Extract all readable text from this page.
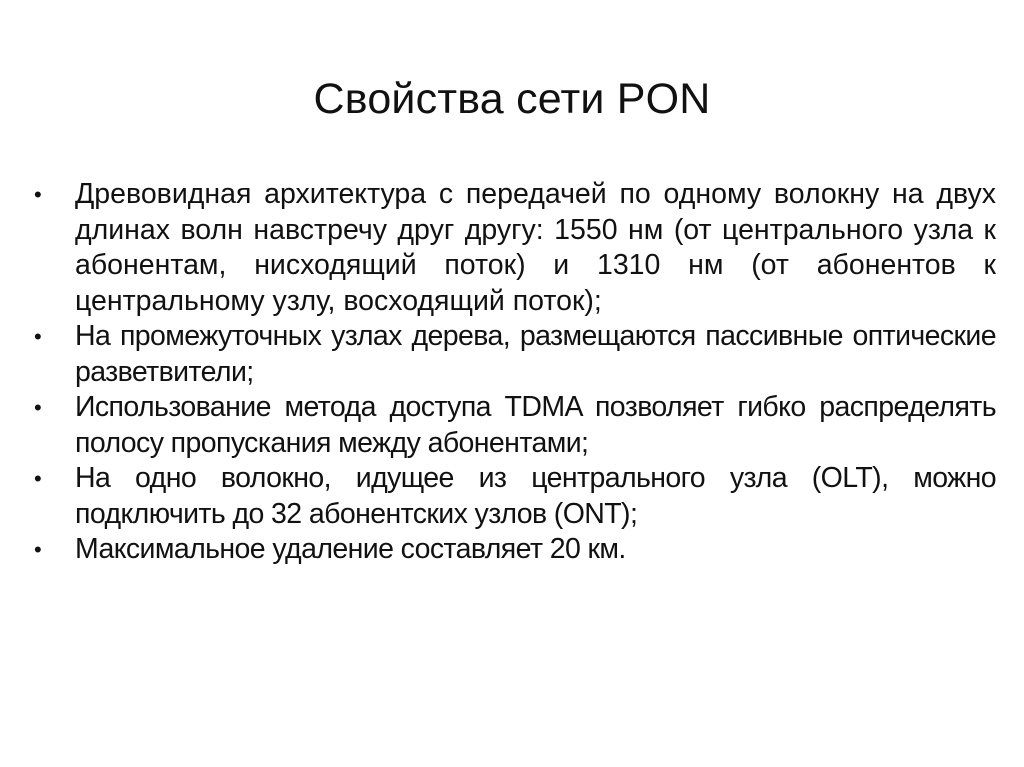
Свойства сети PON
• Древовидная архитектура с передачей по одному волокну на двух длинах волн навстречу друг другу: 1550 нм (от центрального узла к абонентам, нисходящий поток) и 1310 нм (от абонентов к центральному узлу, восходящий поток);
• На промежуточных узлах дерева, размещаются пассивные оптические разветвители;
• Использование метода доступа TDMA позволяет гибко распределять полосу пропускания между абонентами;
• На одно волокно, идущее из центрального узла (OLT), можно подключить до 32 абонентских узлов (ONT);
• Максимальное удаление составляет 20 км.
